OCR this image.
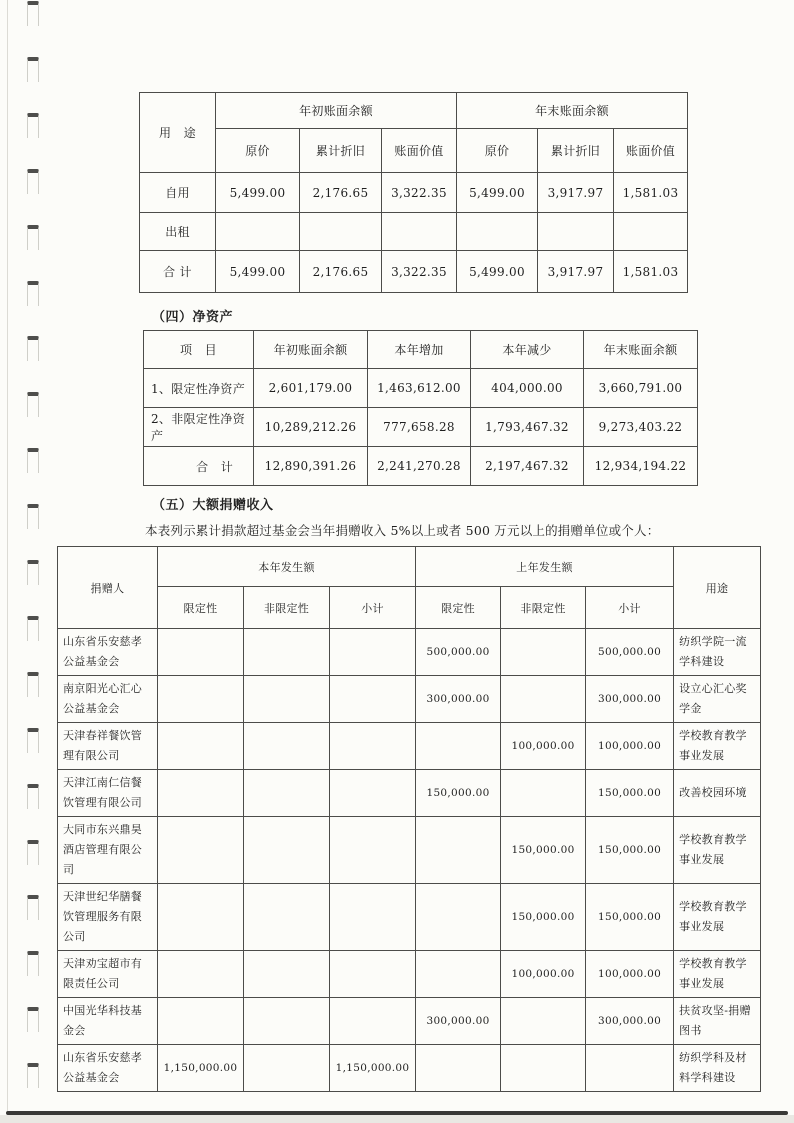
用　途	年初账面余额			年末账面余额		
	原价	累计折旧	账面价值	原价	累计折旧	账面价值
自用	5,499.00	2,176.65	3,322.35	5,499.00	3,917.97	1,581.03
出租						
合 计	5,499.00	2,176.65	3,322.35	5,499.00	3,917.97	1,581.03
（四）净资产
项　目	年初账面余额	本年增加	本年减少	年末账面余额
1、限定性净资产	2,601,179.00	1,463,612.00	404,000.00	3,660,791.00
2、非限定性净资产	10,289,212.26	777,658.28	1,793,467.32	9,273,403.22
合　计	12,890,391.26	2,241,270.28	2,197,467.32	12,934,194.22
（五）大额捐赠收入
本表列示累计捐款超过基金会当年捐赠收入 5%以上或者 500 万元以上的捐赠单位或个人：
捐赠人	本年发生额			上年发生额			用途
	限定性	非限定性	小计	限定性	非限定性	小计	
山东省乐安慈孝公益基金会				500,000.00		500,000.00	纺织学院一流学科建设
南京阳光心汇心公益基金会				300,000.00		300,000.00	设立心汇心奖学金
天津春祥餐饮管理有限公司					100,000.00	100,000.00	学校教育教学事业发展
天津江南仁信餐饮管理有限公司				150,000.00		150,000.00	改善校园环境
大同市东兴鼎昊酒店管理有限公司					150,000.00	150,000.00	学校教育教学事业发展
天津世纪华膳餐饮管理服务有限公司					150,000.00	150,000.00	学校教育教学事业发展
天津劝宝超市有限责任公司					100,000.00	100,000.00	学校教育教学事业发展
中国光华科技基金会				300,000.00		300,000.00	扶贫攻坚-捐赠图书
山东省乐安慈孝公益基金会	1,150,000.00		1,150,000.00				纺织学科及材料学科建设
